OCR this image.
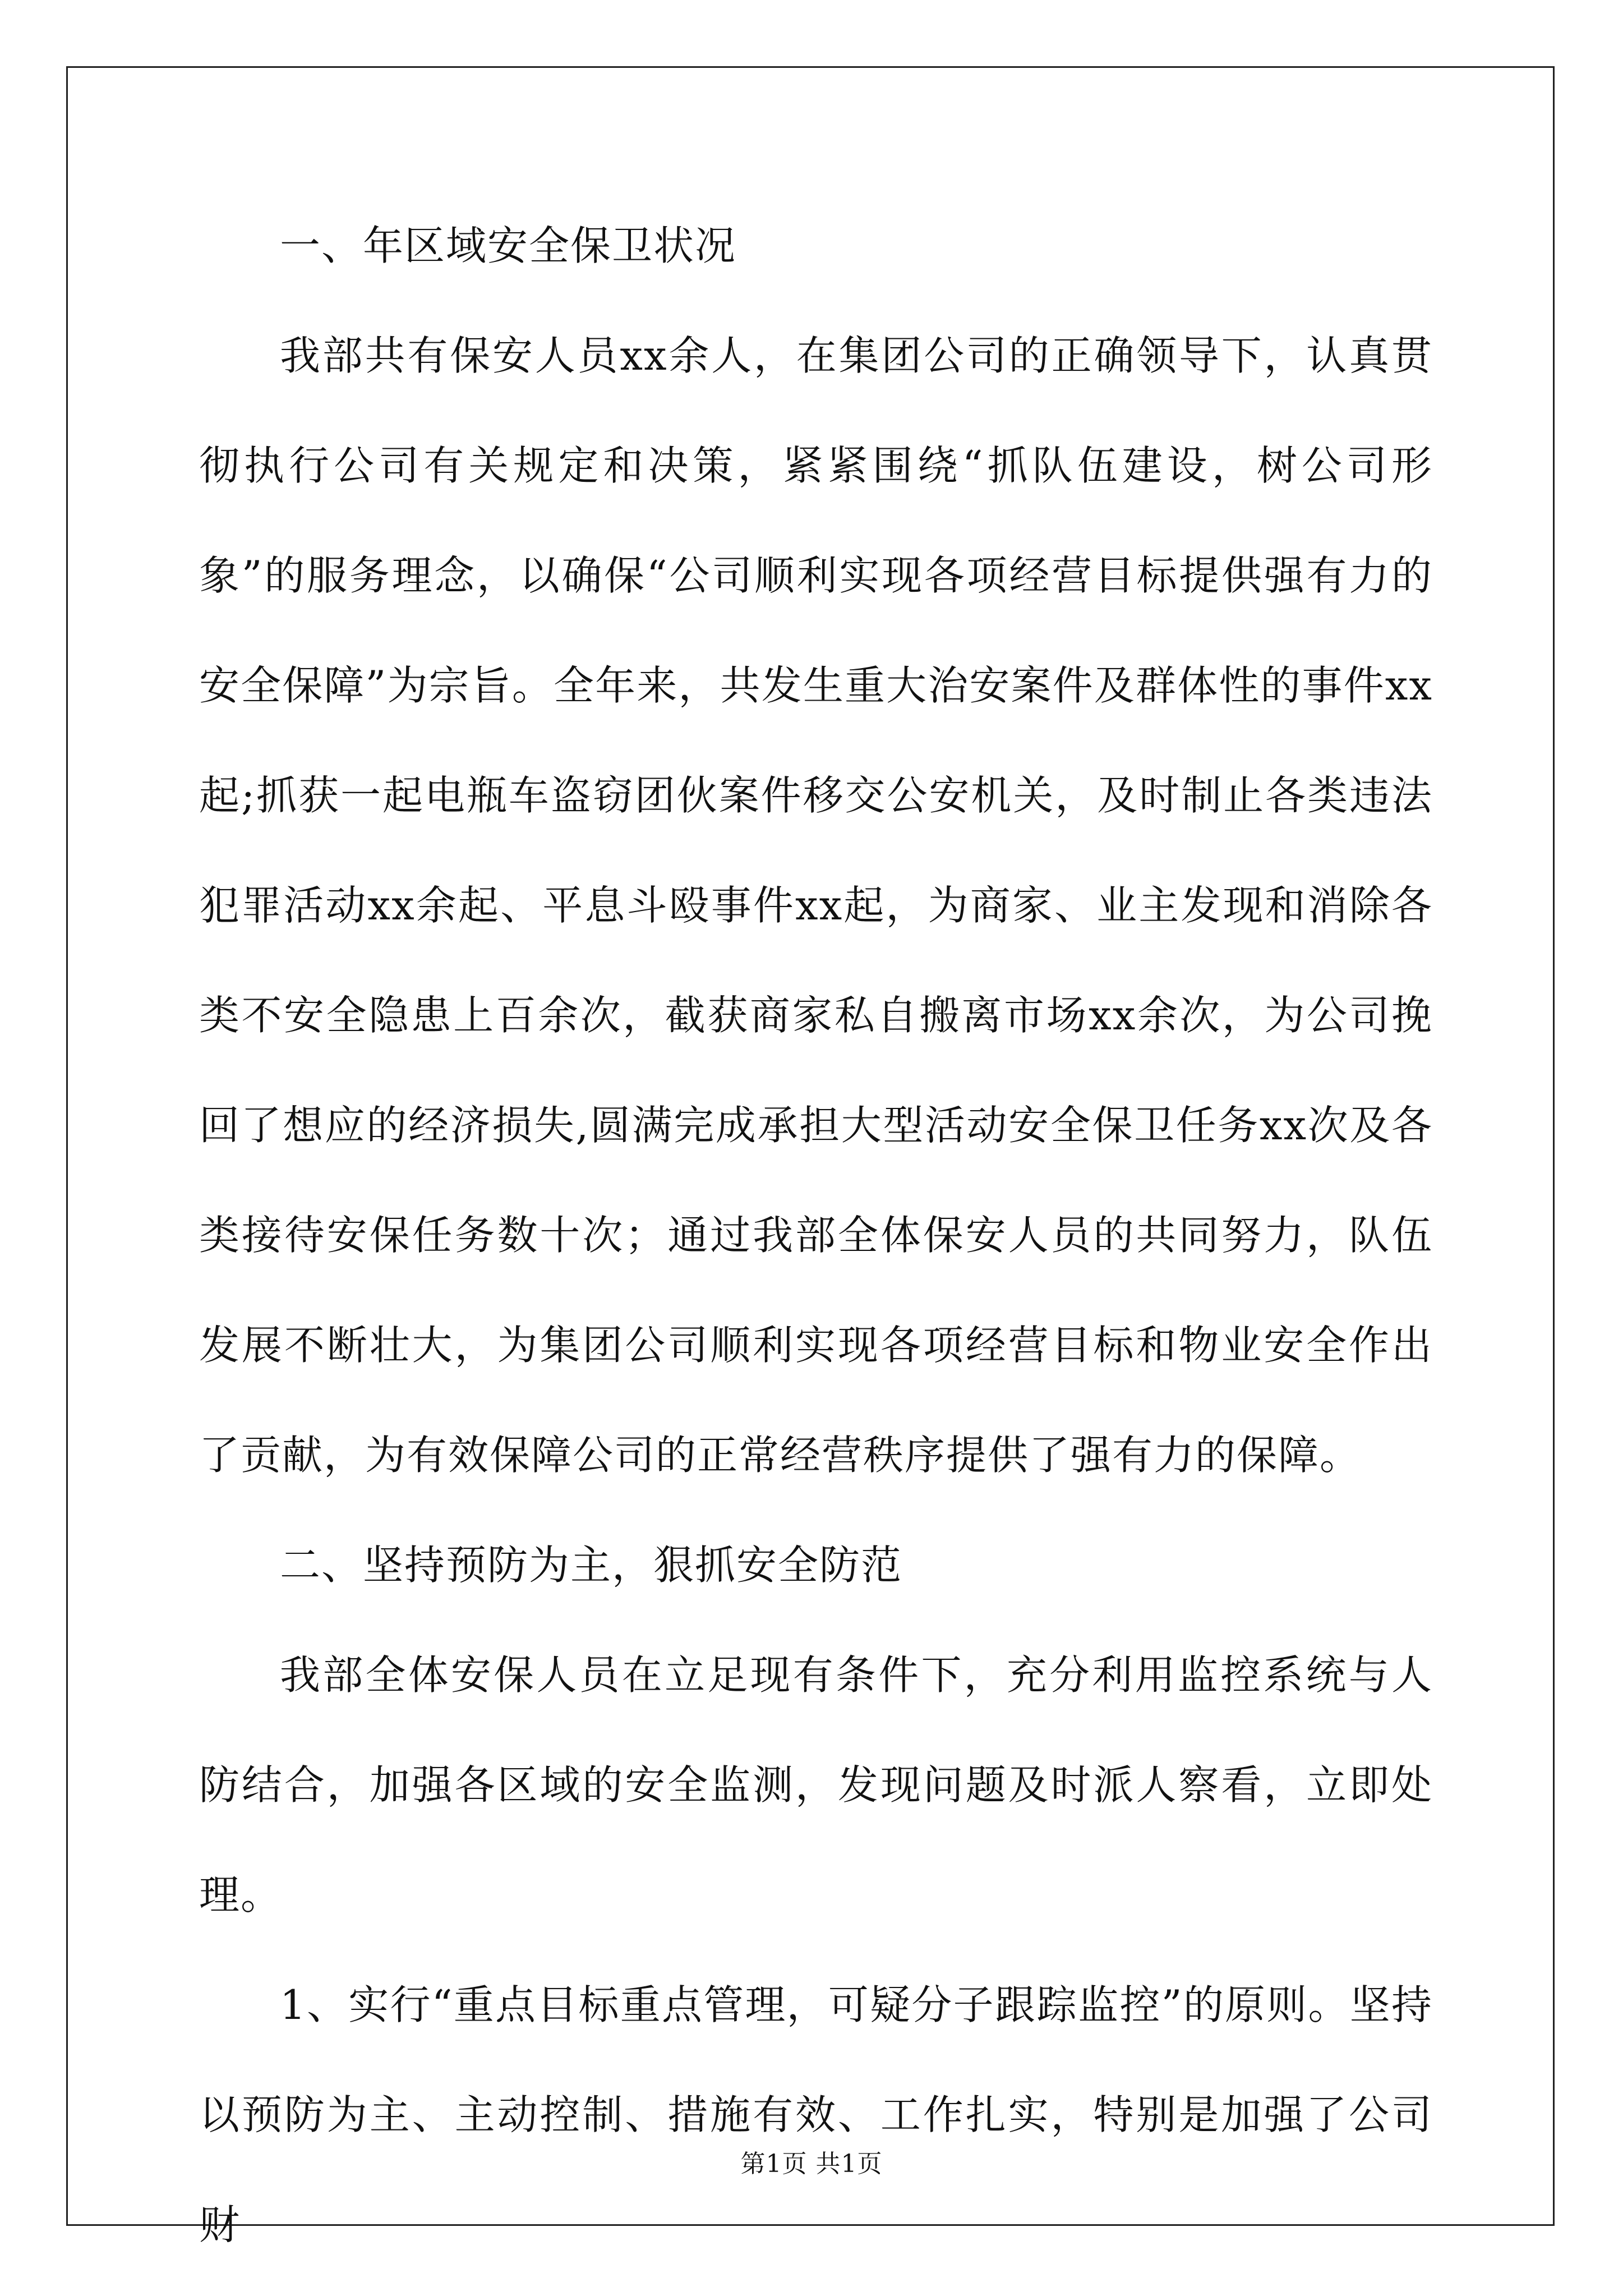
一、年区域安全保卫状况

我部共有保安人员xx余人，在集团公司的正确领导下，认真贯彻执行公司有关规定和决策，紧紧围绕“抓队伍建设，树公司形象”的服务理念，以确保“公司顺利实现各项经营目标提供强有力的安全保障”为宗旨。全年来，共发生重大治安案件及群体性的事件xx起;抓获一起电瓶车盗窃团伙案件移交公安机关，及时制止各类违法犯罪活动xx余起、平息斗殴事件xx起，为商家、业主发现和消除各类不安全隐患上百余次，截获商家私自搬离市场xx余次，为公司挽回了想应的经济损失,圆满完成承担大型活动安全保卫任务xx次及各类接待安保任务数十次；通过我部全体保安人员的共同努力，队伍发展不断壮大，为集团公司顺利实现各项经营目标和物业安全作出了贡献，为有效保障公司的正常经营秩序提供了强有力的保障。

二、坚持预防为主，狠抓安全防范

我部全体安保人员在立足现有条件下，充分利用监控系统与人防结合，加强各区域的安全监测，发现问题及时派人察看，立即处理。

1、实行“重点目标重点管理，可疑分子跟踪监控”的原则。坚持以预防为主、主动控制、措施有效、工作扎实，特别是加强了公司财

第1页 共1页
